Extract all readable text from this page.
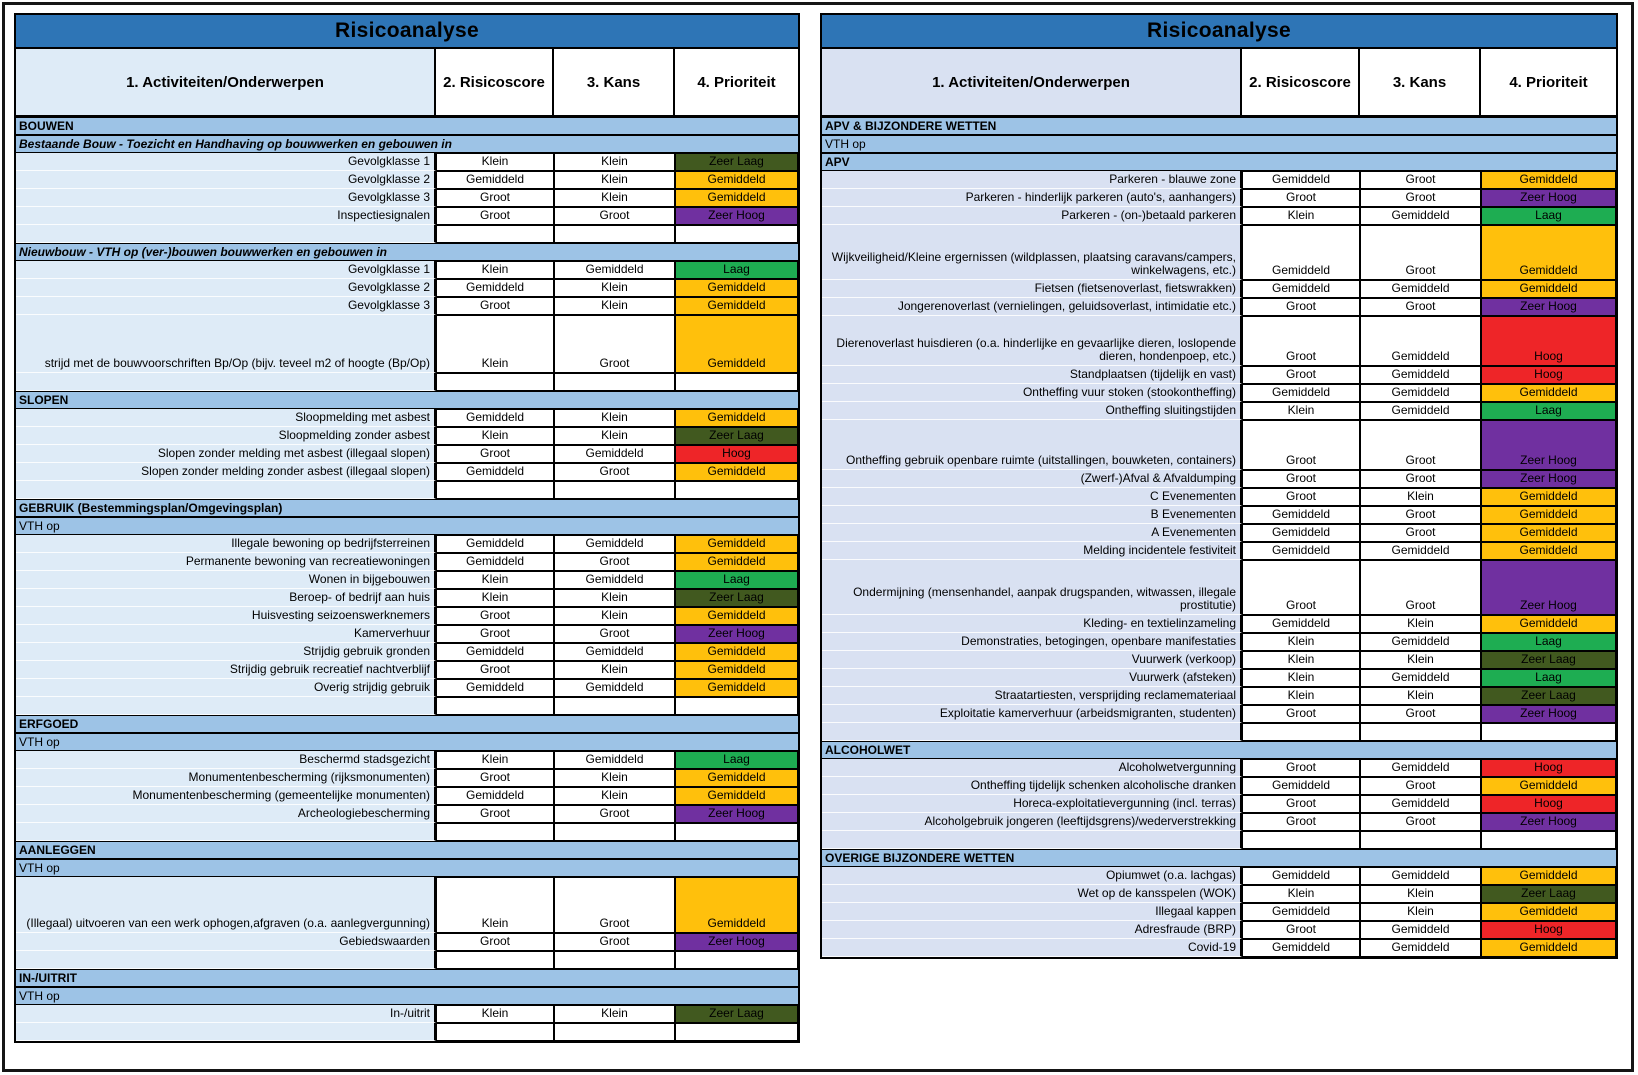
Risicoanalyse
1. Activiteiten/Onderwerpen	2. Risicoscore	3. Kans	4. Prioriteit
BOUWEN
Bestaande Bouw - Toezicht en Handhaving op bouwwerken en gebouwen in
Gevolgklasse 1	Klein	Klein	Zeer Laag
Gevolgklasse 2	Gemiddeld	Klein	Gemiddeld
Gevolgklasse 3	Groot	Klein	Gemiddeld
Inspectiesignalen	Groot	Groot	Zeer Hoog
Nieuwbouw - VTH op (ver-)bouwen bouwwerken en gebouwen in
Gevolgklasse 1	Klein	Gemiddeld	Laag
Gevolgklasse 2	Gemiddeld	Klein	Gemiddeld
Gevolgklasse 3	Groot	Klein	Gemiddeld
strijd met de bouwvoorschriften Bp/Op (bijv. teveel m2 of hoogte (Bp/Op)	Klein	Groot	Gemiddeld
SLOPEN
Sloopmelding met asbest	Gemiddeld	Klein	Gemiddeld
Sloopmelding zonder asbest	Klein	Klein	Zeer Laag
Slopen zonder melding met asbest (illegaal slopen)	Groot	Gemiddeld	Hoog
Slopen zonder melding zonder asbest (illegaal slopen)	Gemiddeld	Groot	Gemiddeld
GEBRUIK (Bestemmingsplan/Omgevingsplan)
VTH op
Illegale bewoning op bedrijfsterreinen	Gemiddeld	Gemiddeld	Gemiddeld
Permanente bewoning van recreatiewoningen	Gemiddeld	Groot	Gemiddeld
Wonen in bijgebouwen	Klein	Gemiddeld	Laag
Beroep- of bedrijf aan huis	Klein	Klein	Zeer Laag
Huisvesting seizoenswerknemers	Groot	Klein	Gemiddeld
Kamerverhuur	Groot	Groot	Zeer Hoog
Strijdig gebruik gronden	Gemiddeld	Gemiddeld	Gemiddeld
Strijdig gebruik recreatief nachtverblijf	Groot	Klein	Gemiddeld
Overig strijdig gebruik	Gemiddeld	Gemiddeld	Gemiddeld
ERFGOED
VTH op
Beschermd stadsgezicht	Klein	Gemiddeld	Laag
Monumentenbescherming (rijksmonumenten)	Groot	Klein	Gemiddeld
Monumentenbescherming (gemeentelijke monumenten)	Gemiddeld	Klein	Gemiddeld
Archeologiebescherming	Groot	Groot	Zeer Hoog
AANLEGGEN
VTH op
(Illegaal) uitvoeren van een werk ophogen,afgraven (o.a. aanlegvergunning)	Klein	Groot	Gemiddeld
Gebiedswaarden	Groot	Groot	Zeer Hoog
IN-/UITRIT
VTH op
In-/uitrit	Klein	Klein	Zeer Laag
Risicoanalyse
1. Activiteiten/Onderwerpen	2. Risicoscore	3. Kans	4. Prioriteit
APV & BIJZONDERE WETTEN
VTH op
APV
Parkeren - blauwe zone	Gemiddeld	Groot	Gemiddeld
Parkeren - hinderlijk parkeren (auto's, aanhangers)	Groot	Groot	Zeer Hoog
Parkeren - (on-)betaald parkeren	Klein	Gemiddeld	Laag
Wijkveiligheid/Kleine ergernissen (wildplassen, plaatsing caravans/campers, winkelwagens, etc.)	Gemiddeld	Groot	Gemiddeld
Fietsen (fietsenoverlast, fietswrakken)	Gemiddeld	Gemiddeld	Gemiddeld
Jongerenoverlast (vernielingen, geluidsoverlast, intimidatie etc.)	Groot	Groot	Zeer Hoog
Dierenoverlast huisdieren (o.a. hinderlijke en gevaarlijke dieren, loslopende dieren, hondenpoep, etc.)	Groot	Gemiddeld	Hoog
Standplaatsen (tijdelijk en vast)	Groot	Gemiddeld	Hoog
Ontheffing vuur stoken (stookontheffing)	Gemiddeld	Gemiddeld	Gemiddeld
Ontheffing sluitingstijden	Klein	Gemiddeld	Laag
Ontheffing gebruik openbare ruimte (uitstallingen, bouwketen, containers)	Groot	Groot	Zeer Hoog
(Zwerf-)Afval & Afvaldumping	Groot	Groot	Zeer Hoog
C Evenementen	Groot	Klein	Gemiddeld
B Evenementen	Gemiddeld	Groot	Gemiddeld
A Evenementen	Gemiddeld	Groot	Gemiddeld
Melding incidentele festiviteit	Gemiddeld	Gemiddeld	Gemiddeld
Ondermijning (mensenhandel, aanpak drugspanden, witwassen, illegale prostitutie)	Groot	Groot	Zeer Hoog
Kleding- en textielinzameling	Gemiddeld	Klein	Gemiddeld
Demonstraties, betogingen, openbare manifestaties	Klein	Gemiddeld	Laag
Vuurwerk (verkoop)	Klein	Klein	Zeer Laag
Vuurwerk (afsteken)	Klein	Gemiddeld	Laag
Straatartiesten, versprijding reclamemateriaal	Klein	Klein	Zeer Laag
Exploitatie kamerverhuur (arbeidsmigranten, studenten)	Groot	Groot	Zeer Hoog
ALCOHOLWET
Alcoholwetvergunning	Groot	Gemiddeld	Hoog
Ontheffing tijdelijk schenken alcoholische dranken	Gemiddeld	Groot	Gemiddeld
Horeca-exploitatievergunning (incl. terras)	Groot	Gemiddeld	Hoog
Alcoholgebruik jongeren (leeftijdsgrens)/wederverstrekking	Groot	Groot	Zeer Hoog
OVERIGE BIJZONDERE WETTEN
Opiumwet (o.a. lachgas)	Gemiddeld	Gemiddeld	Gemiddeld
Wet op de kansspelen (WOK)	Klein	Klein	Zeer Laag
Illegaal kappen	Gemiddeld	Klein	Gemiddeld
Adresfraude (BRP)	Groot	Gemiddeld	Hoog
Covid-19	Gemiddeld	Gemiddeld	Gemiddeld
